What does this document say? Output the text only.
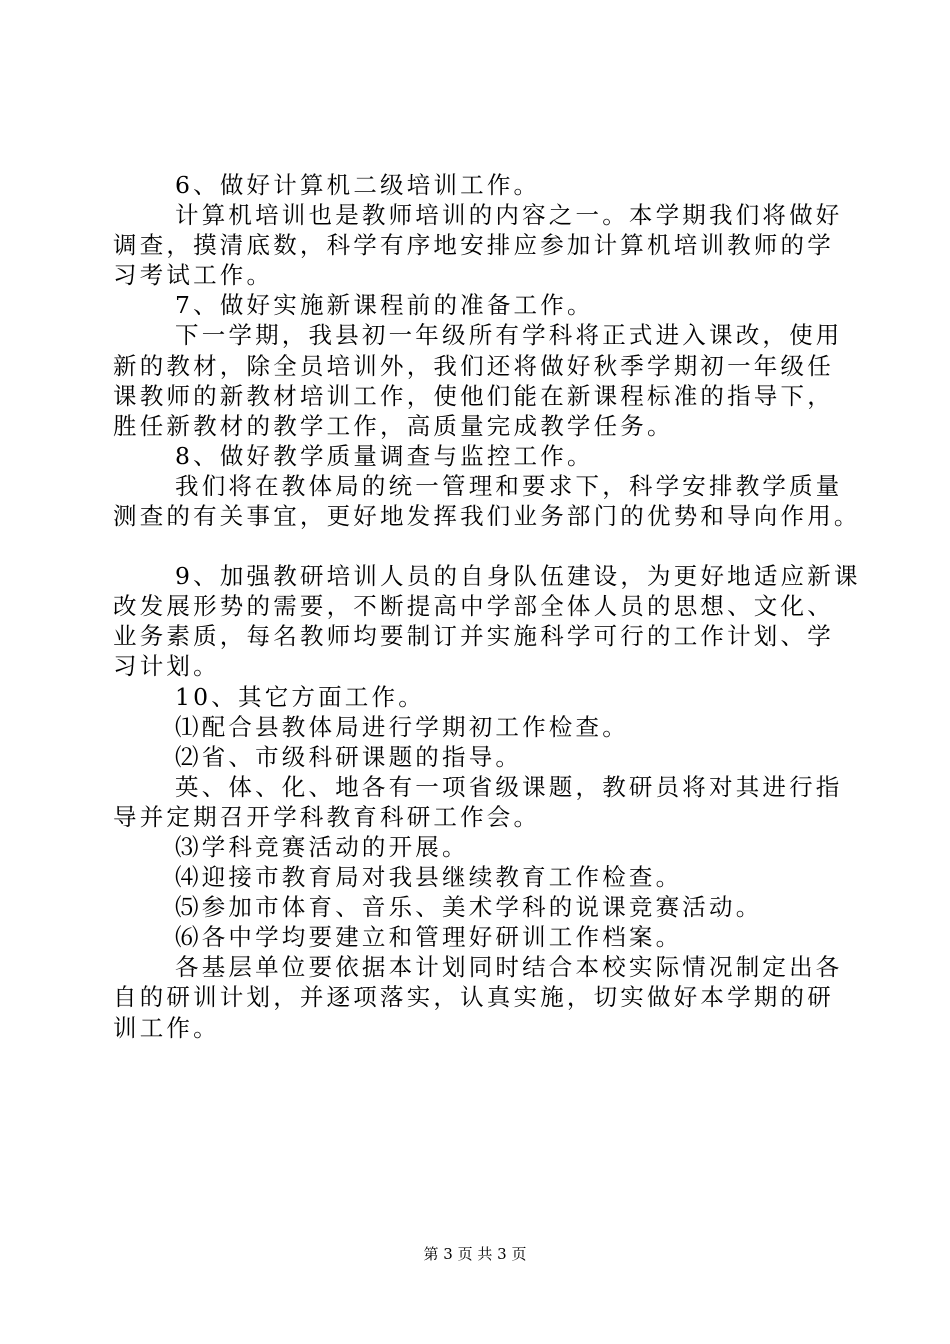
6、做好计算机二级培训工作。
计算机培训也是教师培训的内容之一。本学期我们将做好
调查，摸清底数，科学有序地安排应参加计算机培训教师的学
习考试工作。
7、做好实施新课程前的准备工作。
下一学期，我县初一年级所有学科将正式进入课改，使用
新的教材，除全员培训外，我们还将做好秋季学期初一年级任
课教师的新教材培训工作，使他们能在新课程标准的指导下，
胜任新教材的教学工作，高质量完成教学任务。
8、做好教学质量调查与监控工作。
我们将在教体局的统一管理和要求下，科学安排教学质量
测查的有关事宜，更好地发挥我们业务部门的优势和导向作用。
9、加强教研培训人员的自身队伍建设，为更好地适应新课
改发展形势的需要，不断提高中学部全体人员的思想、文化、
业务素质，每名教师均要制订并实施科学可行的工作计划、学
习计划。
10、其它方面工作。
⑴配合县教体局进行学期初工作检查。
⑵省、市级科研课题的指导。
英、体、化、地各有一项省级课题，教研员将对其进行指
导并定期召开学科教育科研工作会。
⑶学科竞赛活动的开展。
⑷迎接市教育局对我县继续教育工作检查。
⑸参加市体育、音乐、美术学科的说课竞赛活动。
⑹各中学均要建立和管理好研训工作档案。
各基层单位要依据本计划同时结合本校实际情况制定出各
自的研训计划，并逐项落实，认真实施，切实做好本学期的研
训工作。
第 3 页 共 3 页
